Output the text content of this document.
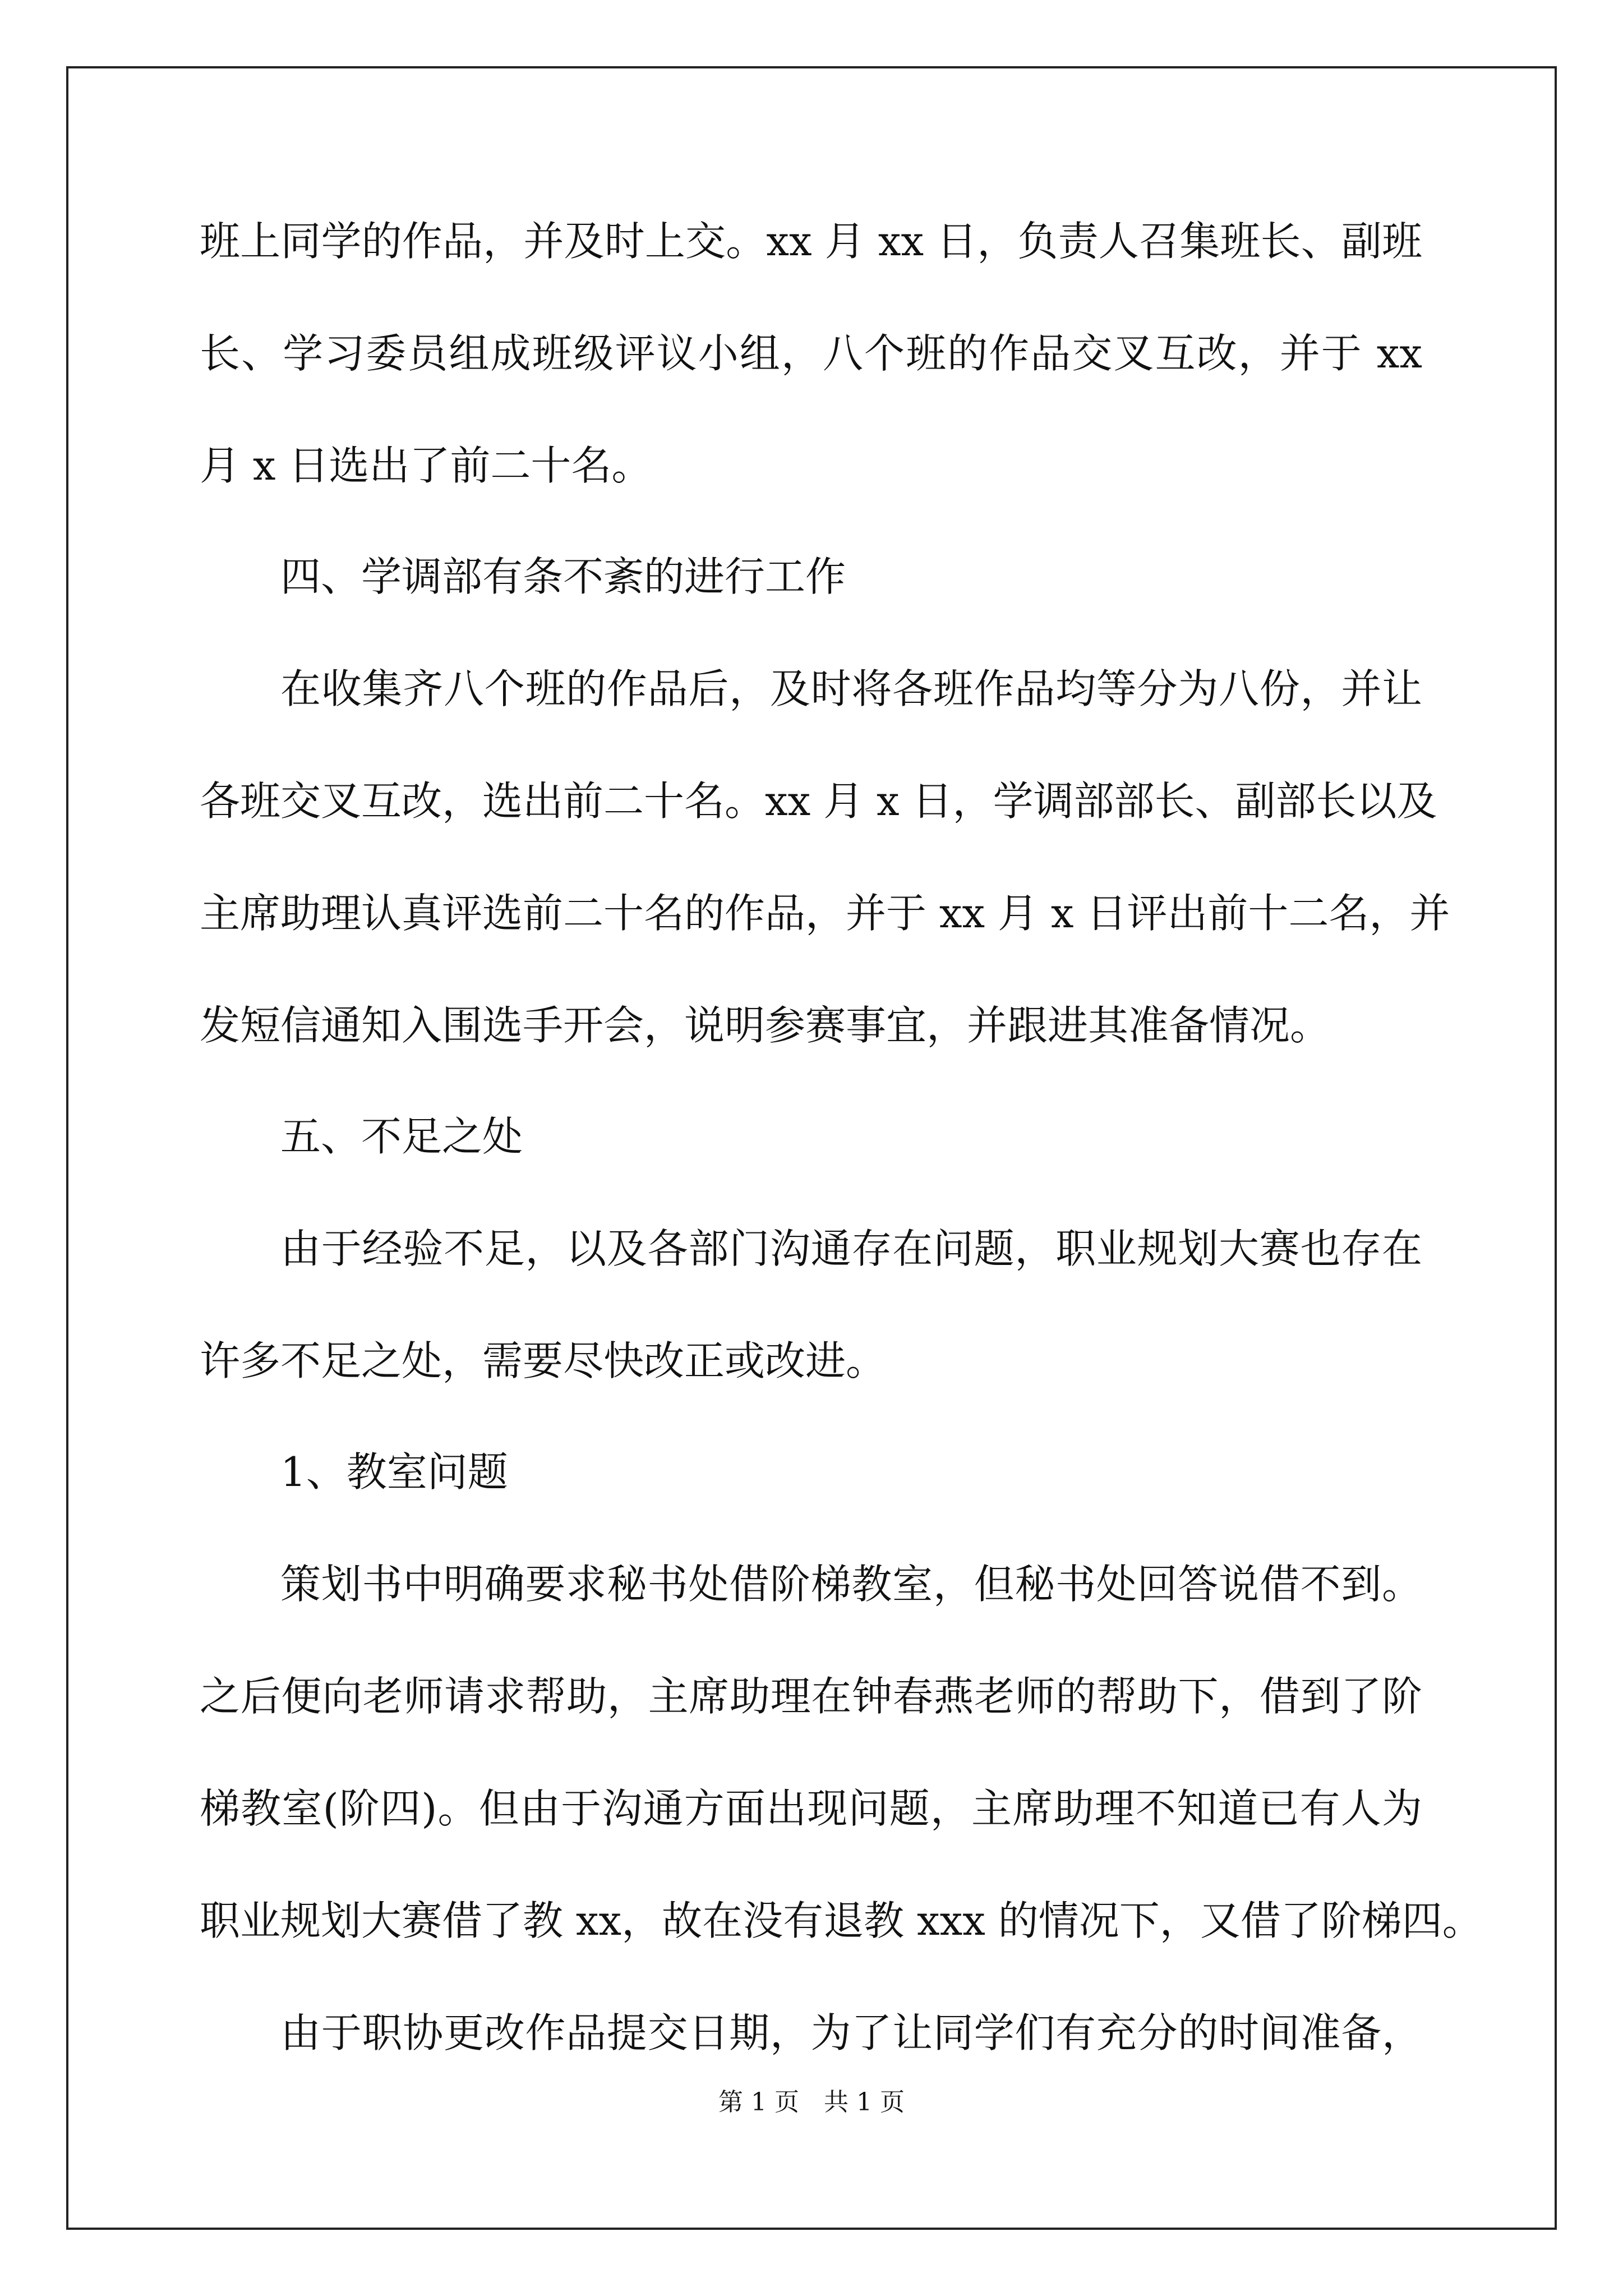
班上同学的作品，并及时上交。xx 月 xx 日，负责人召集班长、副班
长、学习委员组成班级评议小组，八个班的作品交叉互改，并于 xx
月 x 日选出了前二十名。
四、学调部有条不紊的进行工作
在收集齐八个班的作品后，及时将各班作品均等分为八份，并让
各班交叉互改，选出前二十名。xx 月 x 日，学调部部长、副部长以及
主席助理认真评选前二十名的作品，并于 xx 月 x 日评出前十二名，并
发短信通知入围选手开会，说明参赛事宜，并跟进其准备情况。
五、不足之处
由于经验不足，以及各部门沟通存在问题，职业规划大赛也存在
许多不足之处，需要尽快改正或改进。
1、教室问题
策划书中明确要求秘书处借阶梯教室，但秘书处回答说借不到。
之后便向老师请求帮助，主席助理在钟春燕老师的帮助下，借到了阶
梯教室(阶四)。但由于沟通方面出现问题，主席助理不知道已有人为
职业规划大赛借了教 xx，故在没有退教 xxx 的情况下，又借了阶梯四。
由于职协更改作品提交日期，为了让同学们有充分的时间准备，
第 1 页 共 1 页
